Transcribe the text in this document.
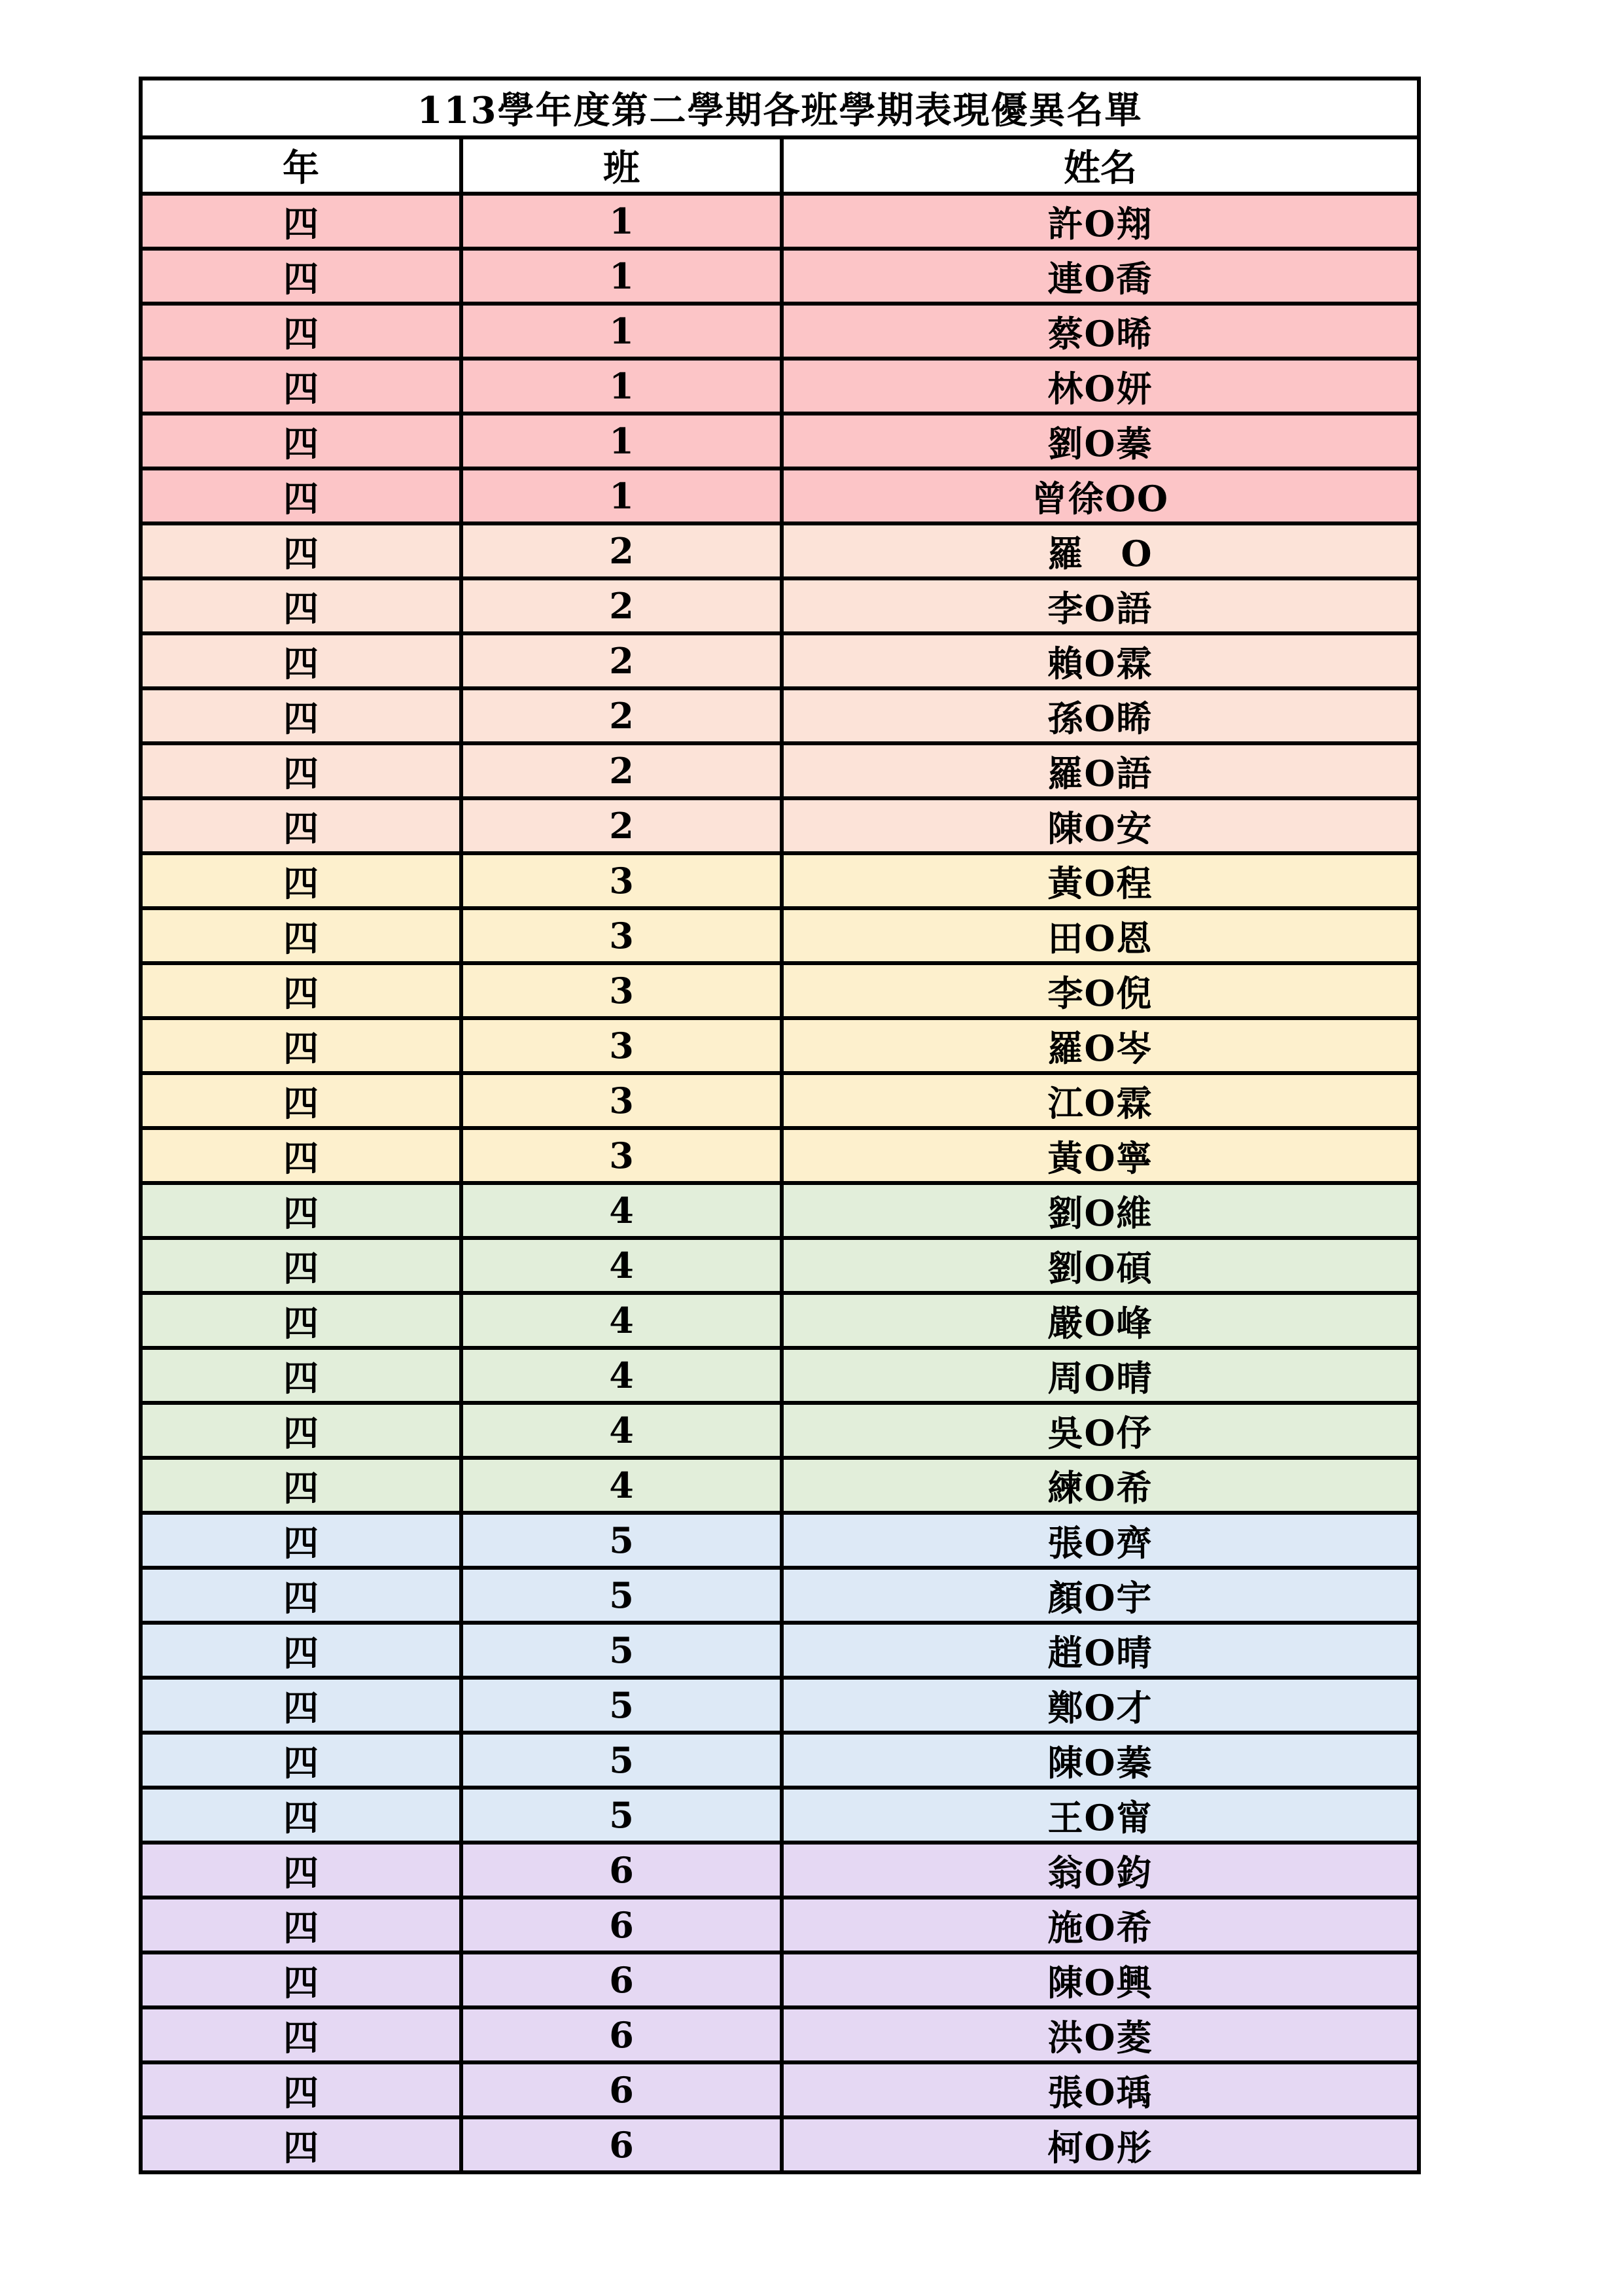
113學年度第二學期各班學期表現優異名單		
年	班	姓名
四	1	許O翔
四	1	連O喬
四	1	蔡O晞
四	1	林O妍
四	1	劉O蓁
四	1	曾徐OO
四	2	羅　O
四	2	李O語
四	2	賴O霖
四	2	孫O睎
四	2	羅O語
四	2	陳O安
四	3	黃O程
四	3	田O恩
四	3	李O倪
四	3	羅O岑
四	3	江O霖
四	3	黃O寧
四	4	劉O維
四	4	劉O碩
四	4	嚴O峰
四	4	周O晴
四	4	吳O伃
四	4	練O希
四	5	張O齊
四	5	顏O宇
四	5	趙O晴
四	5	鄭O才
四	5	陳O蓁
四	5	王O甯
四	6	翁O鈞
四	6	施O希
四	6	陳O興
四	6	洪O菱
四	6	張O瑀
四	6	柯O彤
